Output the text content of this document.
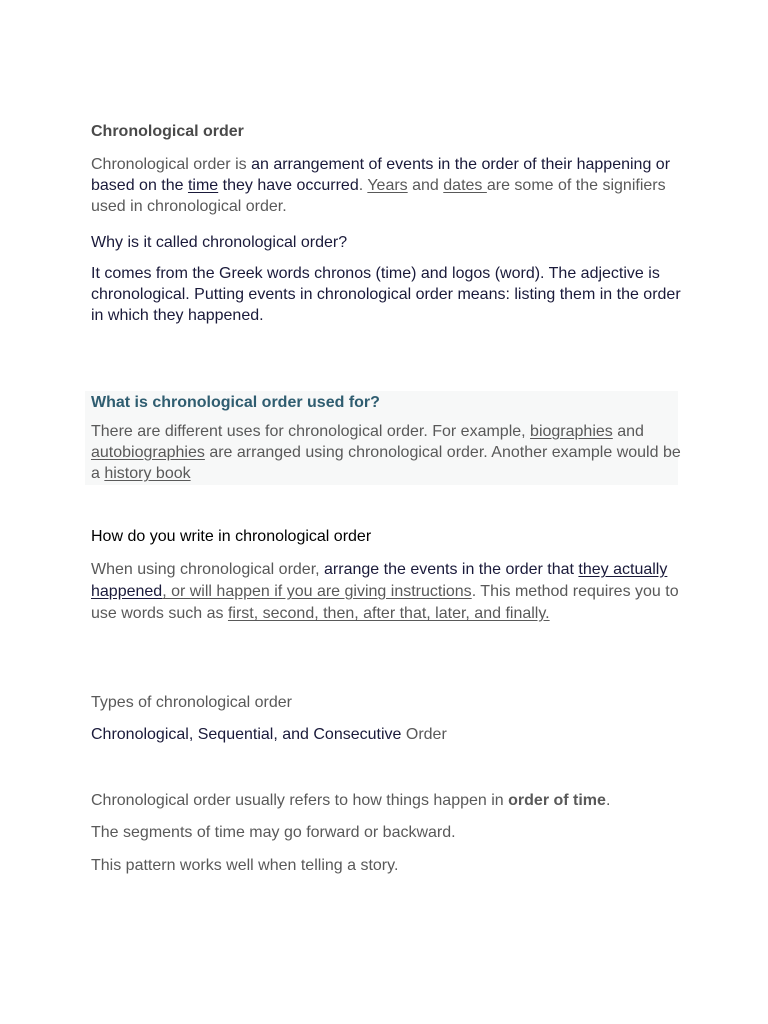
Chronological order

Chronological order is an arrangement of events in the order of their happening or based on the time they have occurred. Years and dates are some of the signifiers used in chronological order.

Why is it called chronological order?

It comes from the Greek words chronos (time) and logos (word). The adjective is chronological. Putting events in chronological order means: listing them in the order in which they happened.

What is chronological order used for?

There are different uses for chronological order. For example, biographies and autobiographies are arranged using chronological order. Another example would be a history book

How do you write in chronological order

When using chronological order, arrange the events in the order that they actually happened, or will happen if you are giving instructions. This method requires you to use words such as first, second, then, after that, later, and finally.

Types of chronological order

Chronological, Sequential, and Consecutive Order

Chronological order usually refers to how things happen in order of time.

The segments of time may go forward or backward.

This pattern works well when telling a story.
